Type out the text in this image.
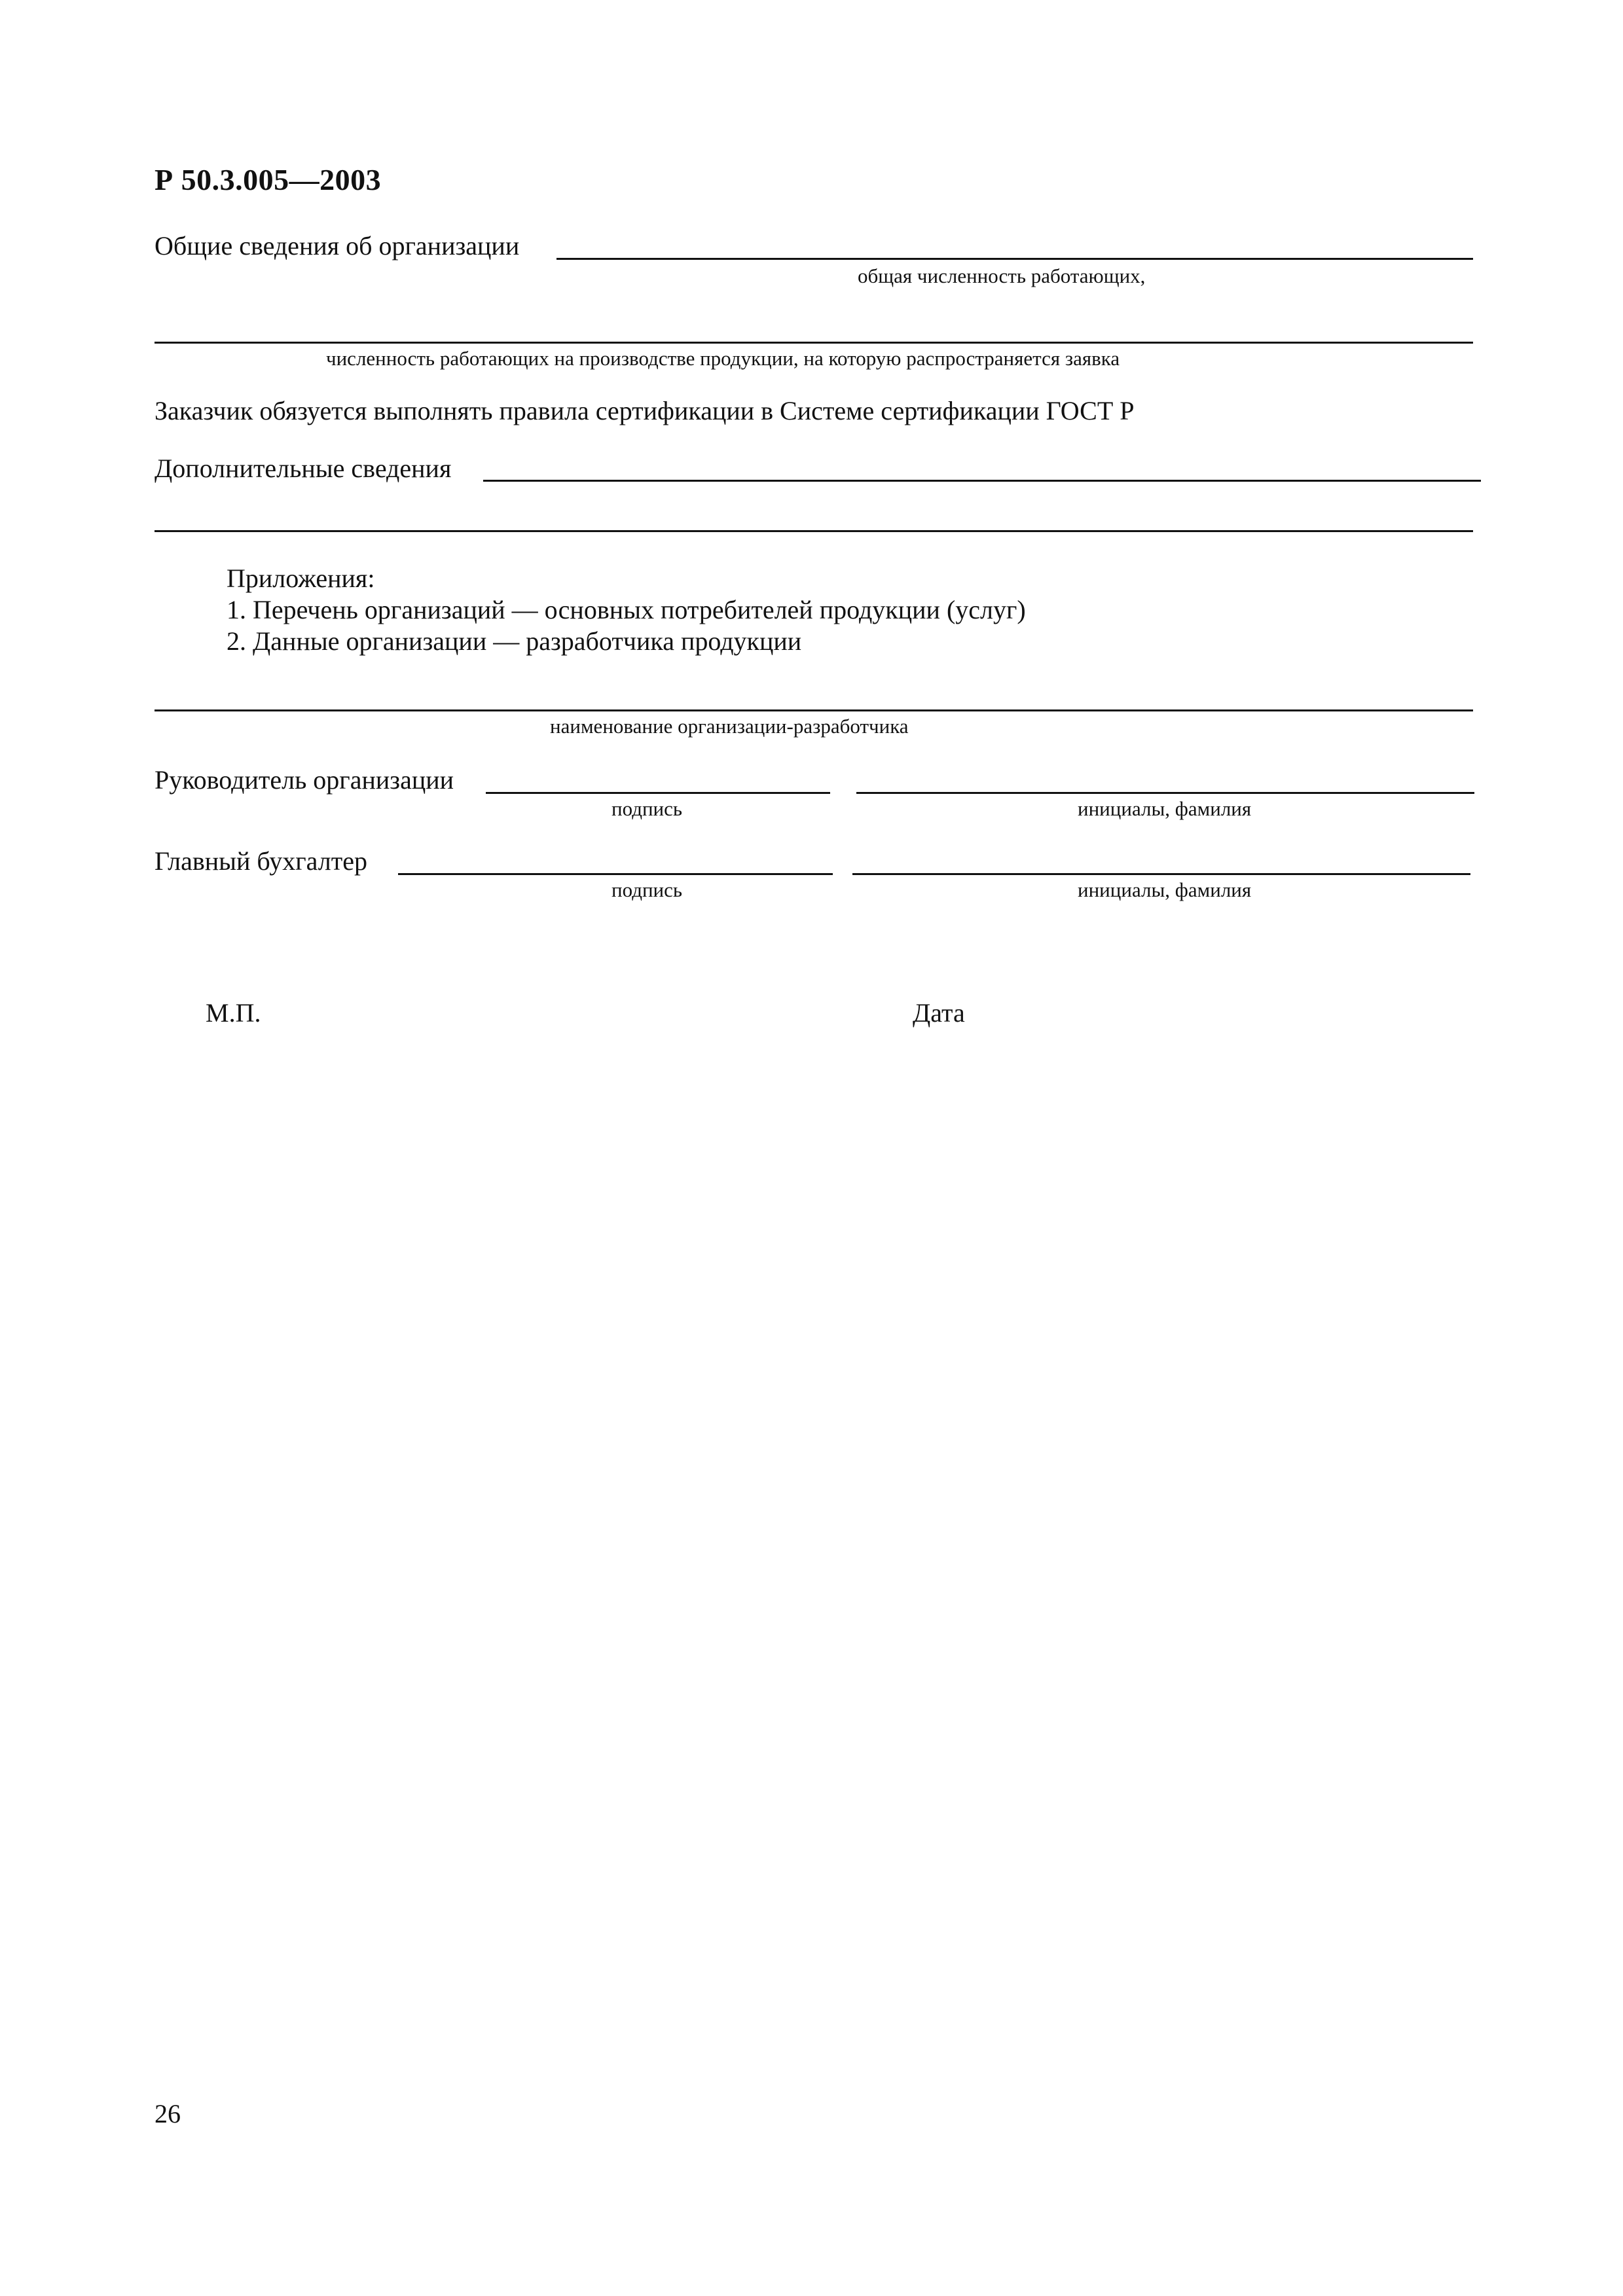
Р 50.3.005—2003
Общие сведения об организации
общая численность работающих,
численность работающих на производстве продукции, на которую распространяется заявка
Заказчик обязуется выполнять правила сертификации в Системе сертификации ГОСТ Р
Дополнительные сведения
Приложения:
1. Перечень организаций — основных потребителей продукции (услуг)
2. Данные организации — разработчика продукции
наименование организации-разработчика
Руководитель организации
подпись	инициалы, фамилия
Главный бухгалтер
подпись	инициалы, фамилия
М.П.	Дата
26
